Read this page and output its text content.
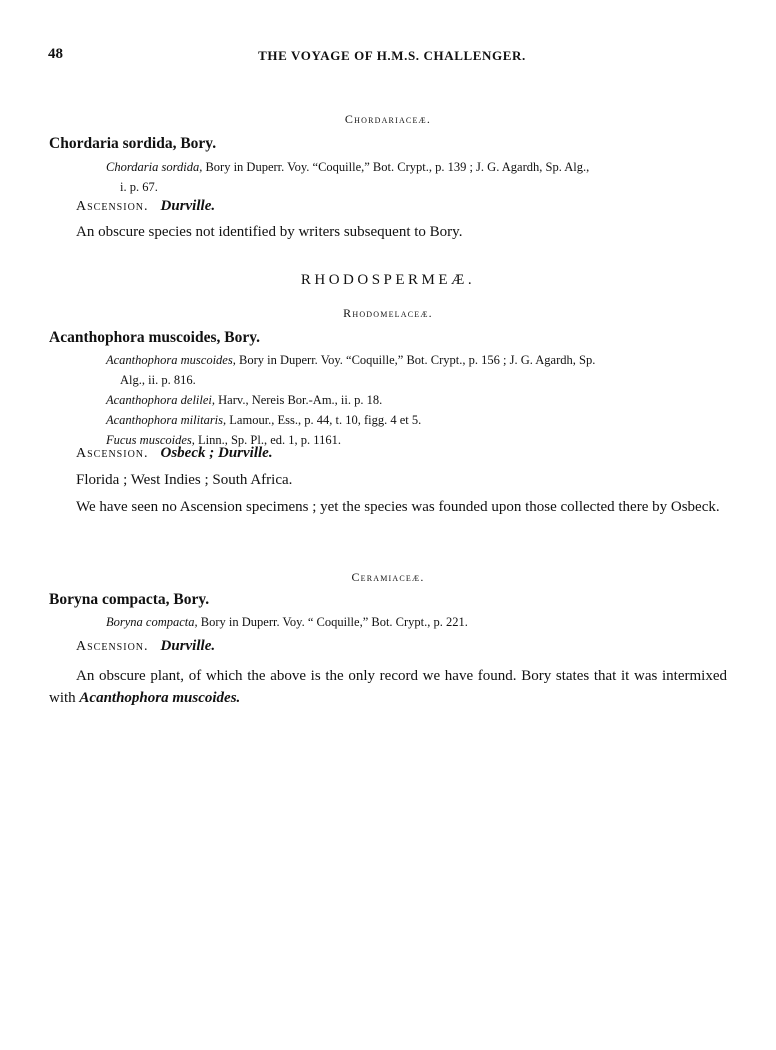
48	THE VOYAGE OF H.M.S. CHALLENGER.
Chordariaceæ.
Chordaria sordida, Bory.
Chordaria sordida, Bory in Duperr. Voy. “Coquille,” Bot. Crypt., p. 139 ; J. G. Agardh, Sp. Alg.,
i. p. 67.
Ascension. Durville.
An obscure species not identified by writers subsequent to Bory.
RHODOSPERMEÆ.
Rhodomelaceæ.
Acanthophora muscoides, Bory.
Acanthophora muscoides, Bory in Duperr. Voy. “Coquille,” Bot. Crypt., p. 156 ; J. G. Agardh, Sp.
Alg., ii. p. 816.
Acanthophora delilei, Harv., Nereis Bor.-Am., ii. p. 18.
Acanthophora militaris, Lamour., Ess., p. 44, t. 10, figg. 4 et 5.
Fucus muscoides, Linn., Sp. Pl., ed. 1, p. 1161.
Ascension. Osbeck ; Durville.
Florida ; West Indies ; South Africa.
We have seen no Ascension specimens ; yet the species was founded upon those collected there by Osbeck.
Ceramiaceæ.
Boryna compacta, Bory.
Boryna compacta, Bory in Duperr. Voy. “ Coquille,” Bot. Crypt., p. 221.
Ascension. Durville.
An obscure plant, of which the above is the only record we have found. Bory states that it was intermixed with Acanthophora muscoides.
